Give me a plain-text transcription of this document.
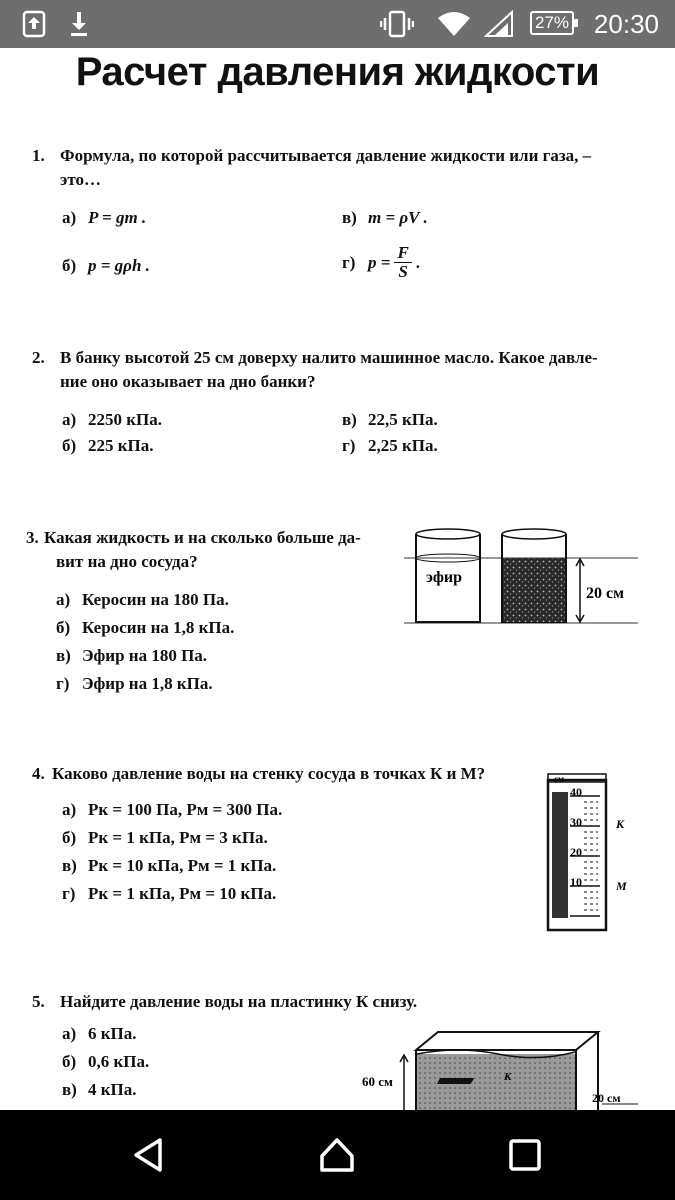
27% 20:30
Расчет давления жидкости
1. Формула, по которой рассчитывается давление жидкости или газа, –
это…
а) P = gm .	в) m = ρV .
б) p = gρh .	г) $p = \frac{F}{S}$ .
2. В банку высотой 25 см доверху налито машинное масло. Какое давле-
ние оно оказывает на дно банки?
а) 2250 кПа.	в) 22,5 кПа.
б) 225 кПа.	г) 2,25 кПа.
3. Какая жидкость и на сколько больше да-
вит на дно сосуда?
а) Керосин на 180 Па.
б) Керосин на 1,8 кПа.
в) Эфир на 180 Па.
г) Эфир на 1,8 кПа.
эфир
20 см
4. Каково давление воды на стенку сосуда в точках К и М?
а) Pк = 100 Па, Pм = 300 Па.
б) Pк = 1 кПа, Pм = 3 кПа.
в) Pк = 10 кПа, Pм = 1 кПа.
г) Pк = 1 кПа, Pм = 10 кПа.
см
40
30
20
10
К
М
5. Найдите давление воды на пластинку К снизу.
а) 6 кПа.
б) 0,6 кПа.
в) 4 кПа.
К
60 см
20 см
